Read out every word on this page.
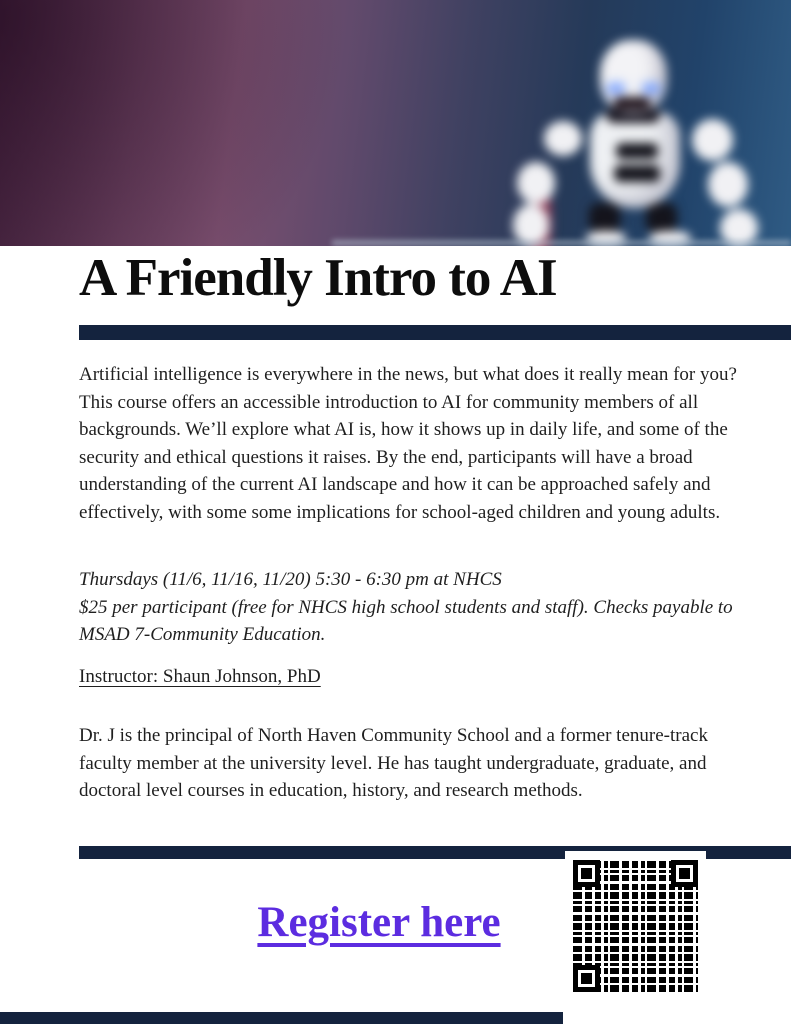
A Friendly Intro to AI

Artificial intelligence is everywhere in the news, but what does it really mean for you? This course offers an accessible introduction to AI for community members of all backgrounds. We’ll explore what AI is, how it shows up in daily life, and some of the security and ethical questions it raises. By the end, participants will have a broad understanding of the current AI landscape and how it can be approached safely and effectively, with some some implications for school-aged children and young adults.

Thursdays (11/6, 11/16, 11/20) 5:30 - 6:30 pm at NHCS
$25 per participant (free for NHCS high school students and staff). Checks payable to MSAD 7-Community Education.

Instructor: Shaun Johnson, PhD

Dr. J is the principal of North Haven Community School and a former tenure-track faculty member at the university level. He has taught undergraduate, graduate, and doctoral level courses in education, history, and research methods.

Register here
